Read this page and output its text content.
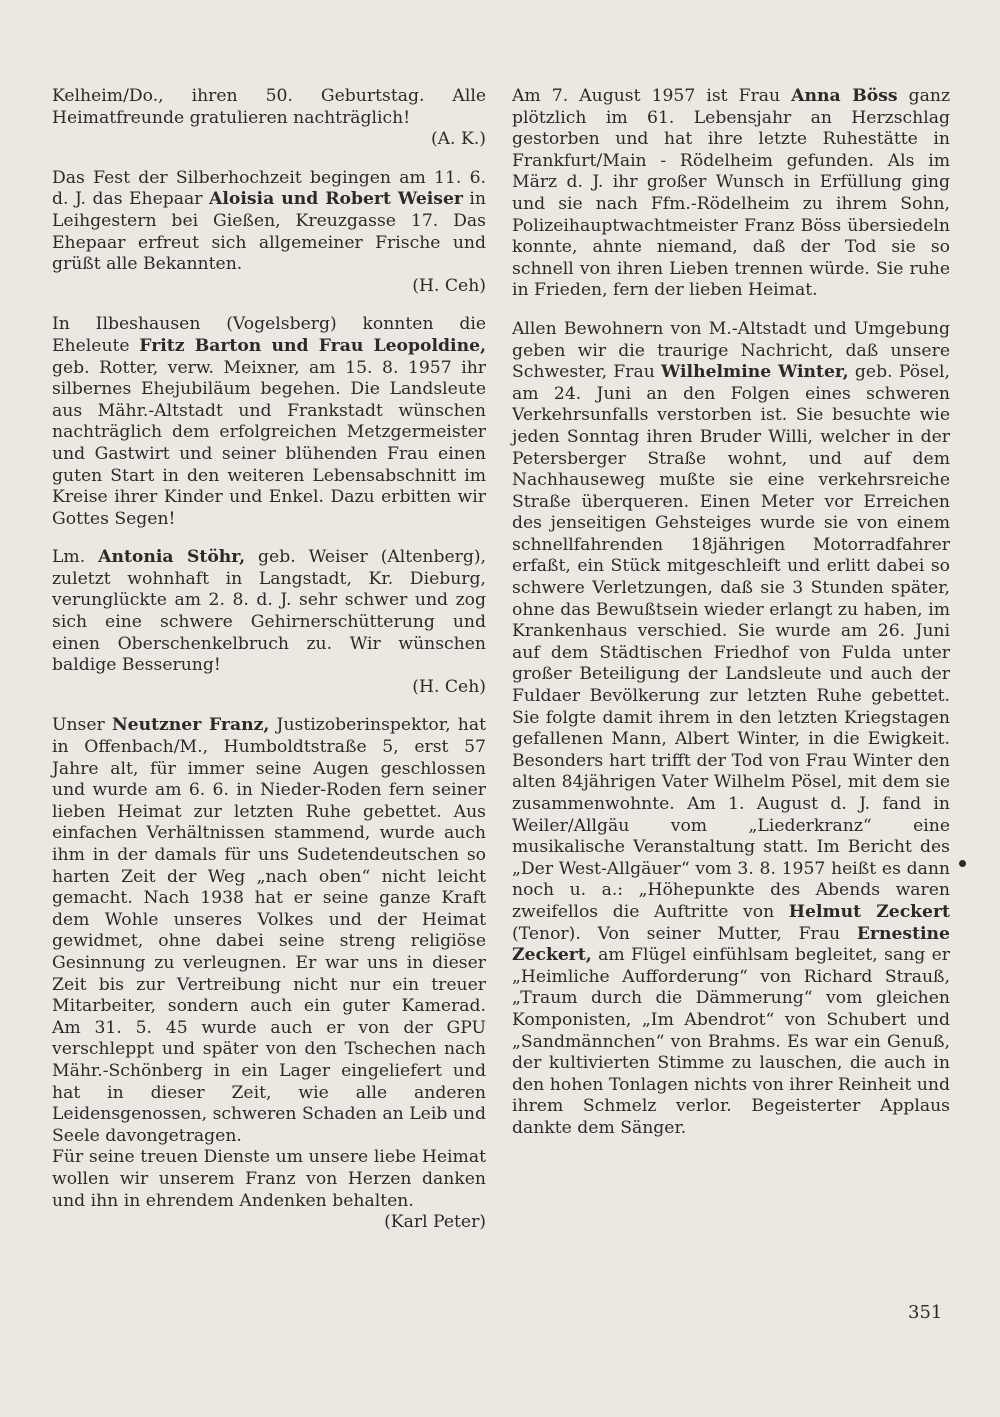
Kelheim/Do., ihren 50. Geburtstag. Alle Heimatfreunde gratulieren nachträglich!
(A. K.)

Das Fest der Silberhochzeit begingen am 11. 6. d. J. das Ehepaar Aloisia und Robert Weiser in Leihgestern bei Gießen, Kreuzgasse 17. Das Ehepaar erfreut sich allgemeiner Frische und grüßt alle Bekannten.
(H. Ceh)

In Ilbeshausen (Vogelsberg) konnten die Eheleute Fritz Barton und Frau Leopoldine, geb. Rotter, verw. Meixner, am 15. 8. 1957 ihr silbernes Ehejubiläum begehen. Die Landsleute aus Mähr.-Altstadt und Frankstadt wünschen nachträglich dem erfolgreichen Metzgermeister und Gastwirt und seiner blühenden Frau einen guten Start in den weiteren Lebensabschnitt im Kreise ihrer Kinder und Enkel. Dazu erbitten wir Gottes Segen!

Lm. Antonia Stöhr, geb. Weiser (Altenberg), zuletzt wohnhaft in Langstadt, Kr. Dieburg, verunglückte am 2. 8. d. J. sehr schwer und zog sich eine schwere Gehirnerschütterung und einen Oberschenkelbruch zu. Wir wünschen baldige Besserung!
(H. Ceh)

Unser Neutzner Franz, Justizoberinspektor, hat in Offenbach/M., Humboldtstraße 5, erst 57 Jahre alt, für immer seine Augen geschlossen und wurde am 6. 6. in Nieder-Roden fern seiner lieben Heimat zur letzten Ruhe gebettet. Aus einfachen Verhältnissen stammend, wurde auch ihm in der damals für uns Sudetendeutschen so harten Zeit der Weg „nach oben“ nicht leicht gemacht. Nach 1938 hat er seine ganze Kraft dem Wohle unseres Volkes und der Heimat gewidmet, ohne dabei seine streng religiöse Gesinnung zu verleugnen. Er war uns in dieser Zeit bis zur Vertreibung nicht nur ein treuer Mitarbeiter, sondern auch ein guter Kamerad. Am 31. 5. 45 wurde auch er von der GPU verschleppt und später von den Tschechen nach Mähr.-Schönberg in ein Lager eingeliefert und hat in dieser Zeit, wie alle anderen Leidensgenossen, schweren Schaden an Leib und Seele davongetragen.

Für seine treuen Dienste um unsere liebe Heimat wollen wir unserem Franz von Herzen danken und ihn in ehrendem Andenken behalten.
(Karl Peter)

Am 7. August 1957 ist Frau Anna Böss ganz plötzlich im 61. Lebensjahr an Herzschlag gestorben und hat ihre letzte Ruhestätte in Frankfurt/Main - Rödelheim gefunden. Als im März d. J. ihr großer Wunsch in Erfüllung ging und sie nach Ffm.-Rödelheim zu ihrem Sohn, Polizeihauptwachtmeister Franz Böss übersiedeln konnte, ahnte niemand, daß der Tod sie so schnell von ihren Lieben trennen würde. Sie ruhe in Frieden, fern der lieben Heimat.

Allen Bewohnern von M.-Altstadt und Umgebung geben wir die traurige Nachricht, daß unsere Schwester, Frau Wilhelmine Winter, geb. Pösel, am 24. Juni an den Folgen eines schweren Verkehrsunfalls verstorben ist. Sie besuchte wie jeden Sonntag ihren Bruder Willi, welcher in der Petersberger Straße wohnt, und auf dem Nachhauseweg mußte sie eine verkehrsreiche Straße überqueren. Einen Meter vor Erreichen des jenseitigen Gehsteiges wurde sie von einem schnellfahrenden 18jährigen Motorradfahrer erfaßt, ein Stück mitgeschleift und erlitt dabei so schwere Verletzungen, daß sie 3 Stunden später, ohne das Bewußtsein wieder erlangt zu haben, im Krankenhaus verschied. Sie wurde am 26. Juni auf dem Städtischen Friedhof von Fulda unter großer Beteiligung der Landsleute und auch der Fuldaer Bevölkerung zur letzten Ruhe gebettet. Sie folgte damit ihrem in den letzten Kriegstagen gefallenen Mann, Albert Winter, in die Ewigkeit. Besonders hart trifft der Tod von Frau Winter den alten 84jährigen Vater Wilhelm Pösel, mit dem sie zusammenwohnte. Am 1. August d. J. fand in Weiler/Allgäu vom „Liederkranz“ eine musikalische Veranstaltung statt. Im Bericht des „Der West-Allgäuer“ vom 3. 8. 1957 heißt es dann noch u. a.: „Höhepunkte des Abends waren zweifellos die Auftritte von Helmut Zeckert (Tenor). Von seiner Mutter, Frau Ernestine Zeckert, am Flügel einfühlsam begleitet, sang er „Heimliche Aufforderung“ von Richard Strauß, „Traum durch die Dämmerung“ vom gleichen Komponisten, „Im Abendrot“ von Schubert und „Sandmännchen“ von Brahms. Es war ein Genuß, der kultivierten Stimme zu lauschen, die auch in den hohen Tonlagen nichts von ihrer Reinheit und ihrem Schmelz verlor. Begeisterter Applaus dankte dem Sänger.

351
